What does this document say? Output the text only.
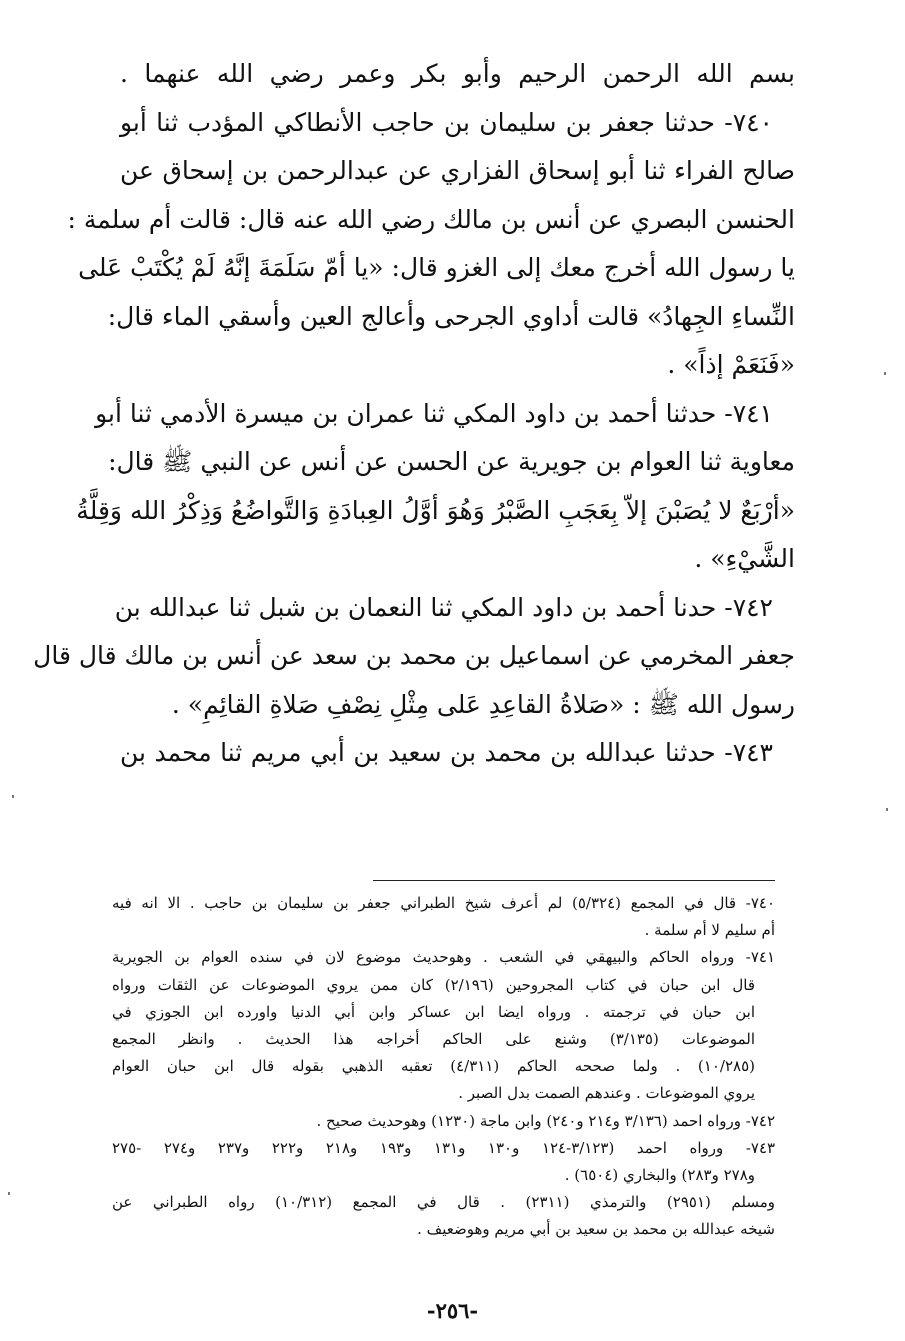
بسم الله الرحمن الرحيم وأبو بكر وعمر رضي الله عنهما .
٧٤٠- حدثنا جعفر بن سليمان بن حاجب الأنطاكي المؤدب ثنا أبو
صالح الفراء ثنا أبو إسحاق الفزاري عن عبدالرحمن بن إسحاق عن
الحنسن البصري عن أنس بن مالك رضي الله عنه قال: قالت أم سلمة :
يا رسول الله أخرج معك إلى الغزو قال: «يا أمّ سَلَمَةَ إنَّهُ لَمْ يُكْتَبْ عَلى
النِّساءِ الجِهادُ» قالت أداوي الجرحى وأعالج العين وأسقي الماء قال:
«فَنَعَمْ إذاً» .
٧٤١- حدثنا أحمد بن داود المكي ثنا عمران بن ميسرة الأدمي ثنا أبو
معاوية ثنا العوام بن جويرية عن الحسن عن أنس عن النبي ﷺ قال:
«أرْبَعٌ لا يُصَبْنَ إلاّ بِعَجَبِ الصَّبْرُ وَهُوَ أوَّلُ العِبادَةِ وَالتَّواضُعُ وَذِكْرُ الله وَقِلَّةُ
الشَّيْءِ» .
٧٤٢- حدنا أحمد بن داود المكي ثنا النعمان بن شبل ثنا عبدالله بن
جعفر المخرمي عن اسماعيل بن محمد بن سعد عن أنس بن مالك قال قال
رسول الله ﷺ : «صَلاةُ القاعِدِ عَلى مِثْلِ نِصْفِ صَلاةِ القائِمِ» .
٧٤٣- حدثنا عبدالله بن محمد بن سعيد بن أبي مريم ثنا محمد بن
٧٤٠- قال في المجمع (٥/٣٢٤) لم أعرف شيخ الطبراني جعفر بن سليمان بن حاجب . الا انه فيه
أم سليم لا أم سلمة .
٧٤١- ورواه الحاكم والبيهقي في الشعب . وهوحديث موضوع لان في سنده العوام بن الجويرية
قال ابن حبان في كتاب المجروحين (٢/١٩٦) كان ممن يروي الموضوعات عن الثقات ورواه
ابن حبان في ترجمته . ورواه ايضا ابن عساكر وابن أبي الدنيا واورده ابن الجوزي في
الموضوعات (٣/١٣٥) وشنع على الحاكم أخراجه هذا الحديث . وانظر المجمع
(١٠/٢٨٥) . ولما صححه الحاكم (٤/٣١١) تعقبه الذهبي بقوله قال ابن حبان العوام
يروي الموضوعات . وعندهم الصمت بدل الصبر .
٧٤٢- ورواه احمد (٣/١٣٦ و٢١٤ و٢٤٠) وابن ماجة (١٢٣٠) وهوحديث صحيح .
٧٤٣- ورواه احمد (٣/١٢٣-١٢٤ و١٣٠ و١٣١ و١٩٣ و٢١٨ و٢٢٢ و٢٣٧ و٢٧٤ -٢٧٥
و٢٧٨ و٢٨٣) والبخاري (٦٥٠٤) .
ومسلم (٢٩٥١) والترمذي (٢٣١١) . قال في المجمع (١٠/٣١٢) رواه الطبراني عن
شيخه عبدالله بن محمد بن سعيد بن أبي مريم وهوضعيف .
-٢٥٦-
